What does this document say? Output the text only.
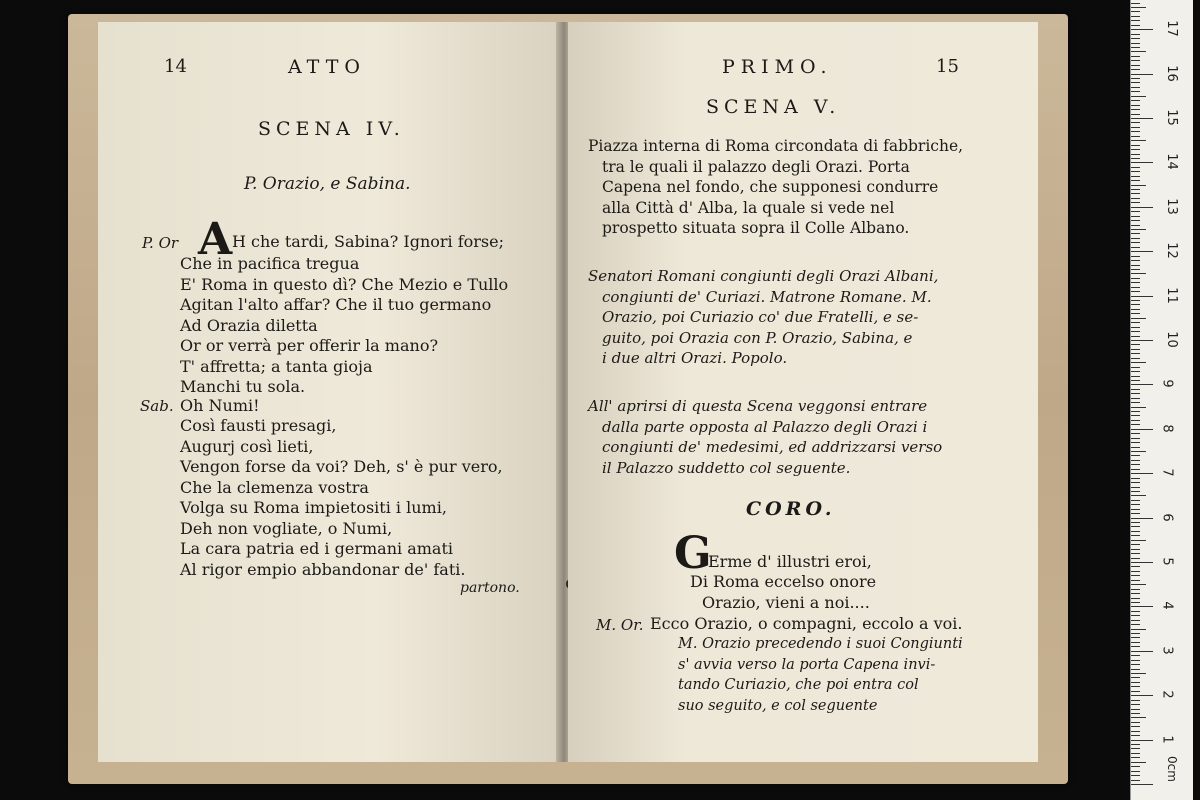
14	ATTO
SCENA IV.
P. Orazio, e Sabina.
P. Or A H che tardi, Sabina? Ignori forse;
Che in pacifica tregua
E' Roma in questo dì? Che Mezio e Tullo
Agitan l'alto affar? Che il tuo germano
Ad Orazia diletta
Or or verrà per offerir la mano?
T' affretta; a tanta gioja
Manchi tu sola.
Sab. Oh Numi!
Così fausti presagi,
Augurj così lieti,
Vengon forse da voi? Deh, s' è pur vero,
Che la clemenza vostra
Volga su Roma impietositi i lumi,
Deh non vogliate, o Numi,
La cara patria ed i germani amati
Al rigor empio abbandonar de' fati.
partono.
PRIMO.	15
SCENA V.
Piazza interna di Roma circondata di fabbriche,
tra le quali il palazzo degli Orazi. Porta
Capena nel fondo, che supponesi condurre
alla Città d' Alba, la quale si vede nel
prospetto situata sopra il Colle Albano.
Senatori Romani congiunti degli Orazi Albani,
congiunti de' Curiazi. Matrone Romane. M.
Orazio, poi Curiazio co' due Fratelli, e se-
guito, poi Orazia con P. Orazio, Sabina, e
i due altri Orazi. Popolo.
All' aprirsi di questa Scena veggonsi entrare
dalla parte opposta al Palazzo degli Orazi i
congiunti de' medesimi, ed addrizzarsi verso
il Palazzo suddetto col seguente.
CORO.
G
Erme d' illustri eroi,
Di Roma eccelso onore
Orazio, vieni a noi....
M. Or. Ecco Orazio, o compagni, eccolo a voi.
M. Orazio precedendo i suoi Congiunti
s' avvia verso la porta Capena invi-
tando Curiazio, che poi entra col
suo seguito, e col seguente
0cm
1
2
3
4
5
6
7
8
9
10
11
12
13
14
15
16
17
